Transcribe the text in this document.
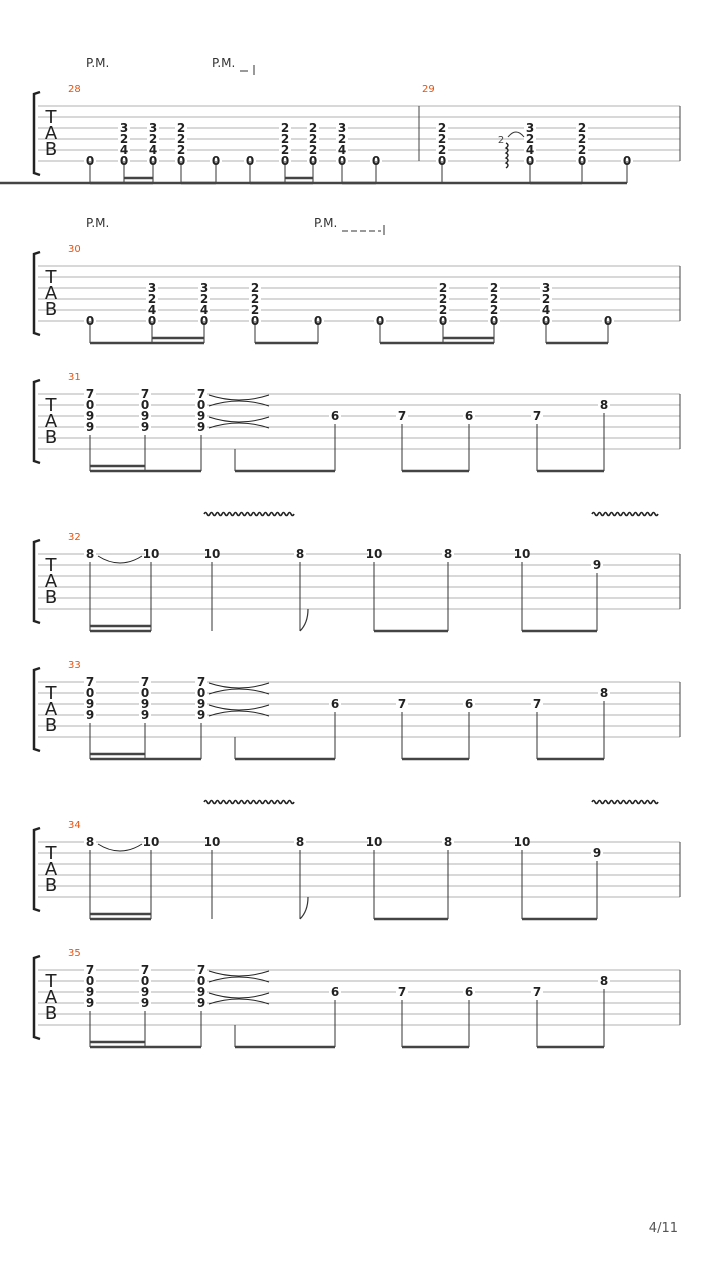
T
A
B
P.M.	P.M.
28
0
3
2
4
0
3
2
4
0
2
2
2
0 0 0
2
2
2
0
2
2
2
0
3
2
4
0 0
29
2
2
2
0
3
2
4
0
2
2
2
2
0	0
T
A
B
P.M.	P.M.
30
0
3
2
4
0
3
2
4
0
2
2
2
0	0	0
2
2
2
0
2
2
2
0
3
2
4
0	0
T
A
B
31
7
0
9
9
7
0
9
9
7
0
9
9
6	7	6	7
8
T
A
B
32
8	10	10	8	10	8	10
9
T
A
B
33
7
0
9
9
7
0
9
9
7
0
9
9
6	7	6	7
8
T
A
B
34
8	10	10	8	10	8	10
9
T
A
B
35
7
0
9
9
7
0
9
9
7
0
9
9
6	7	6	7
8
4/11
